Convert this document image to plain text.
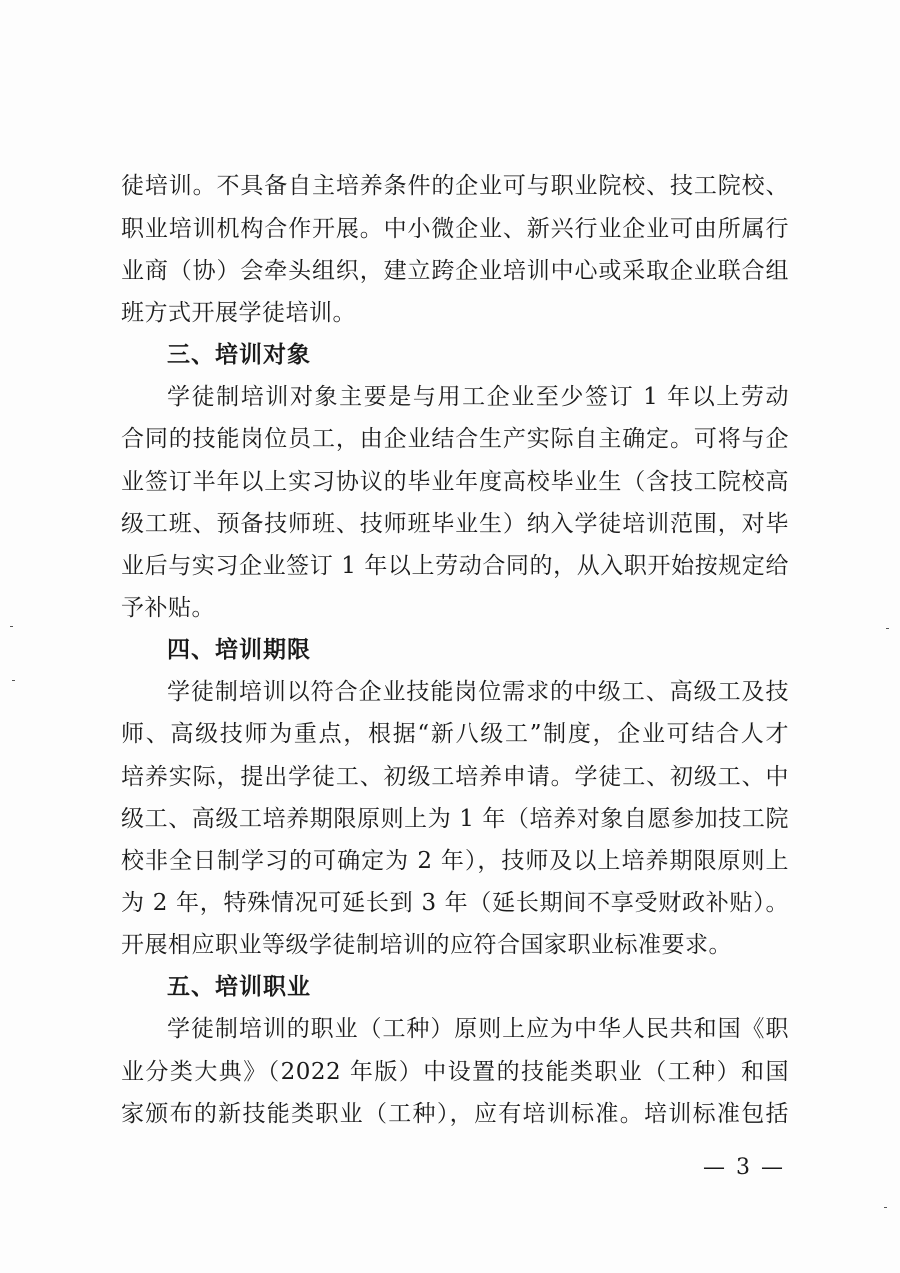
徒培训。不具备自主培养条件的企业可与职业院校、技工院校、
职业培训机构合作开展。中小微企业、新兴行业企业可由所属行
业商（协）会牵头组织，建立跨企业培训中心或采取企业联合组
班方式开展学徒培训。
三、培训对象
学徒制培训对象主要是与用工企业至少签订 1 年以上劳动
合同的技能岗位员工，由企业结合生产实际自主确定。可将与企
业签订半年以上实习协议的毕业年度高校毕业生（含技工院校高
级工班、预备技师班、技师班毕业生）纳入学徒培训范围，对毕
业后与实习企业签订 1 年以上劳动合同的，从入职开始按规定给
予补贴。
四、培训期限
学徒制培训以符合企业技能岗位需求的中级工、高级工及技
师、高级技师为重点，根据“新八级工”制度，企业可结合人才
培养实际，提出学徒工、初级工培养申请。学徒工、初级工、中
级工、高级工培养期限原则上为 1 年（培养对象自愿参加技工院
校非全日制学习的可确定为 2 年），技师及以上培养期限原则上
为 2 年，特殊情况可延长到 3 年（延长期间不享受财政补贴）。
开展相应职业等级学徒制培训的应符合国家职业标准要求。
五、培训职业
学徒制培训的职业（工种）原则上应为中华人民共和国《职
业分类大典》（2022 年版）中设置的技能类职业（工种）和国
家颁布的新技能类职业（工种），应有培训标准。培训标准包括
— 3 —
